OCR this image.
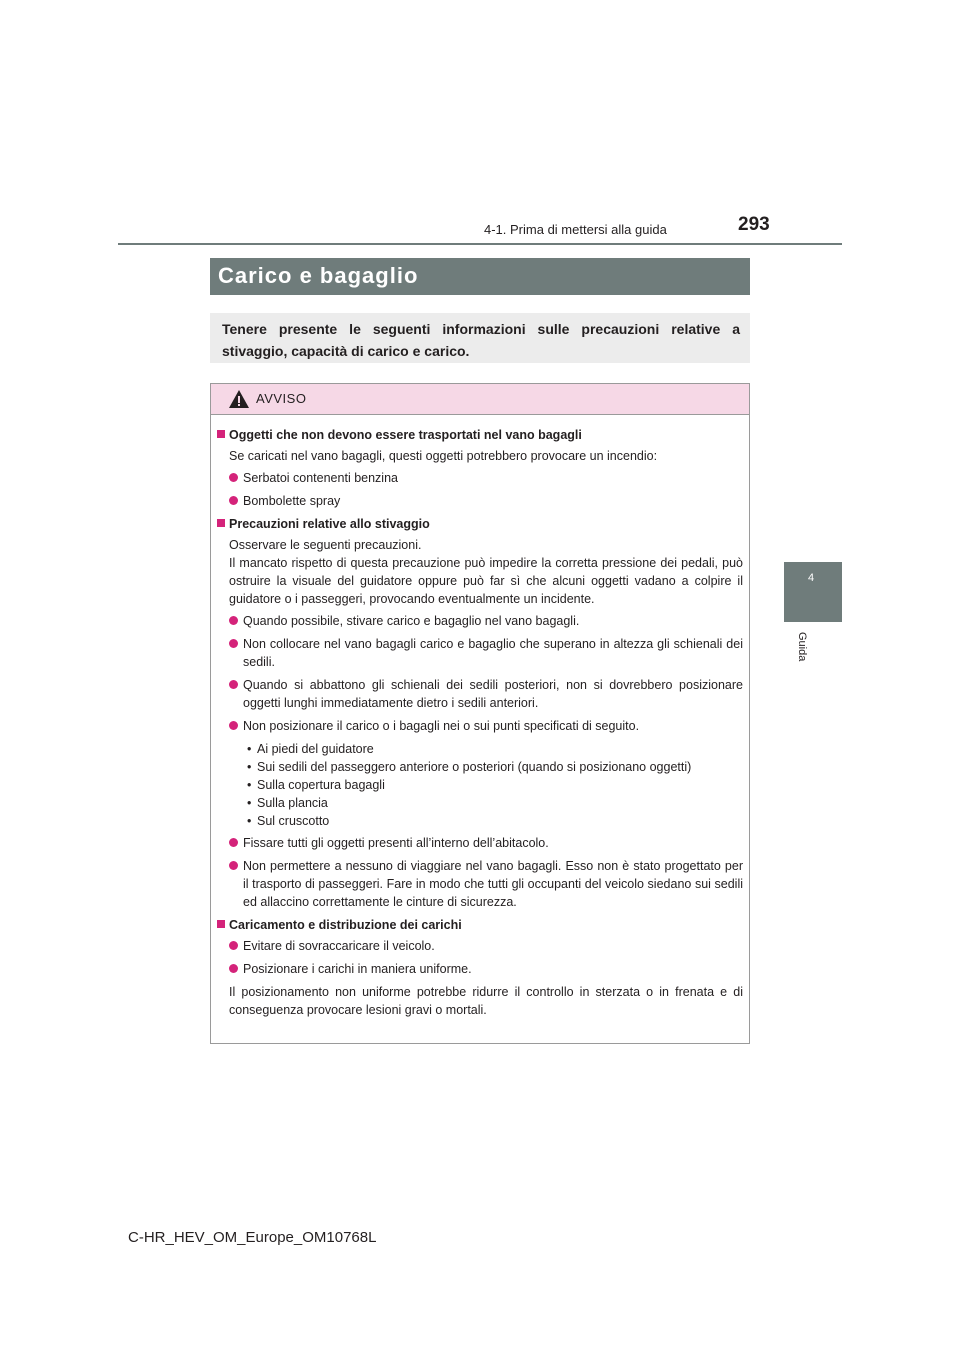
4-1. Prima di mettersi alla guida	293
4
Guida
Carico e bagaglio

Tenere presente le seguenti informazioni sulle precauzioni relative a stivaggio, capacità di carico e carico.

AVVISO
Oggetti che non devono essere trasportati nel vano bagagli
Se caricati nel vano bagagli, questi oggetti potrebbero provocare un incendio:
Serbatoi contenenti benzina
Bombolette spray
Precauzioni relative allo stivaggio
Osservare le seguenti precauzioni.
Il mancato rispetto di questa precauzione può impedire la corretta pressione dei pedali, può ostruire la visuale del guidatore oppure può far sì che alcuni oggetti vadano a colpire il guidatore o i passeggeri, provocando eventualmente un incidente.
Quando possibile, stivare carico e bagaglio nel vano bagagli.
Non collocare nel vano bagagli carico e bagaglio che superano in altezza gli schienali dei sedili.
Quando si abbattono gli schienali dei sedili posteriori, non si dovrebbero posizionare oggetti lunghi immediatamente dietro i sedili anteriori.
Non posizionare il carico o i bagagli nei o sui punti specificati di seguito.
• Ai piedi del guidatore
• Sui sedili del passeggero anteriore o posteriori (quando si posizionano oggetti)
• Sulla copertura bagagli
• Sulla plancia
• Sul cruscotto
Fissare tutti gli oggetti presenti all’interno dell’abitacolo.
Non permettere a nessuno di viaggiare nel vano bagagli. Esso non è stato progettato per il trasporto di passeggeri. Fare in modo che tutti gli occupanti del veicolo siedano sui sedili ed allaccino correttamente le cinture di sicurezza.
Caricamento e distribuzione dei carichi
Evitare di sovraccaricare il veicolo.
Posizionare i carichi in maniera uniforme.
Il posizionamento non uniforme potrebbe ridurre il controllo in sterzata o in frenata e di conseguenza provocare lesioni gravi o mortali.
C-HR_HEV_OM_Europe_OM10768L
